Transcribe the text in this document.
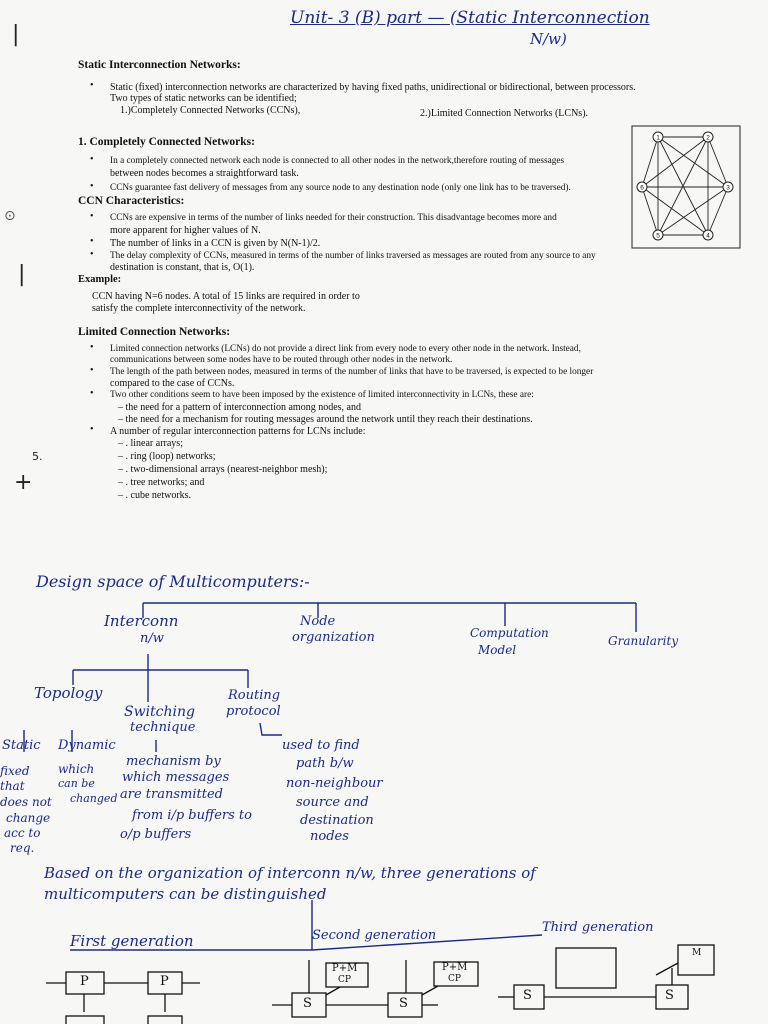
Unit- 3 (B) part — (Static Interconnection
N/w)
|
Static Interconnection Networks:
• Static (fixed) interconnection networks are characterized by having fixed paths, unidirectional or bidirectional, between processors.
Two types of static networks can be identified;
1.)Completely Connected Networks (CCNs),	2.)Limited Connection Networks (LCNs).
1. Completely Connected Networks:
• In a completely connected network each node is connected to all other nodes in the network,therefore routing of messages
between nodes becomes a straightforward task.
• CCNs guarantee fast delivery of messages from any source node to any destination node (only one link has to be traversed).
CCN Characteristics:
• CCNs are expensive in terms of the number of links needed for their construction. This disadvantage becomes more and
more apparent for higher values of N.
• The number of links in a CCN is given by N(N-1)/2.
• The delay complexity of CCNs, measured in terms of the number of links traversed as messages are routed from any source to any
destination is constant, that is, O(1).
Example:
CCN having N=6 nodes. A total of 15 links are required in order to
satisfy the complete interconnectivity of the network.
1	2
3
4
5
6
⊙
|
Limited Connection Networks:
• Limited connection networks (LCNs) do not provide a direct link from every node to every other node in the network. Instead,
communications between some nodes have to be routed through other nodes in the network.
• The length of the path between nodes, measured in terms of the number of links that have to be traversed, is expected to be longer
compared to the case of CCNs.
• Two other conditions seem to have been imposed by the existence of limited interconnectivity in LCNs, these are:
– the need for a pattern of interconnection among nodes, and
– the need for a mechanism for routing messages around the network until they reach their destinations.
• A number of regular interconnection patterns for LCNs include:
– . linear arrays;
– . ring (loop) networks;
– . two-dimensional arrays (nearest-neighbor mesh);
– . tree networks; and
– . cube networks.
5.
+
Design space of Multicomputers:-
Interconn
n/w
Node
organization	Computation
Model
Granularity
Topology
Switching
technique
Routing
protocol
Static Dynamic
fixed
that
does not
change
acc to
req.
which
can be
changed
mechanism by
which messages
are transmitted
from i/p buffers to
o/p buffers
used to find
path b/w
non-neighbour
source and
destination
nodes
Based on the organization of interconn n/w, three generations of
multicomputers can be distinguished
First generation	Second generation
Third generation
P	P
S	S
P+M
CP
P+M
CP
S	S
M
